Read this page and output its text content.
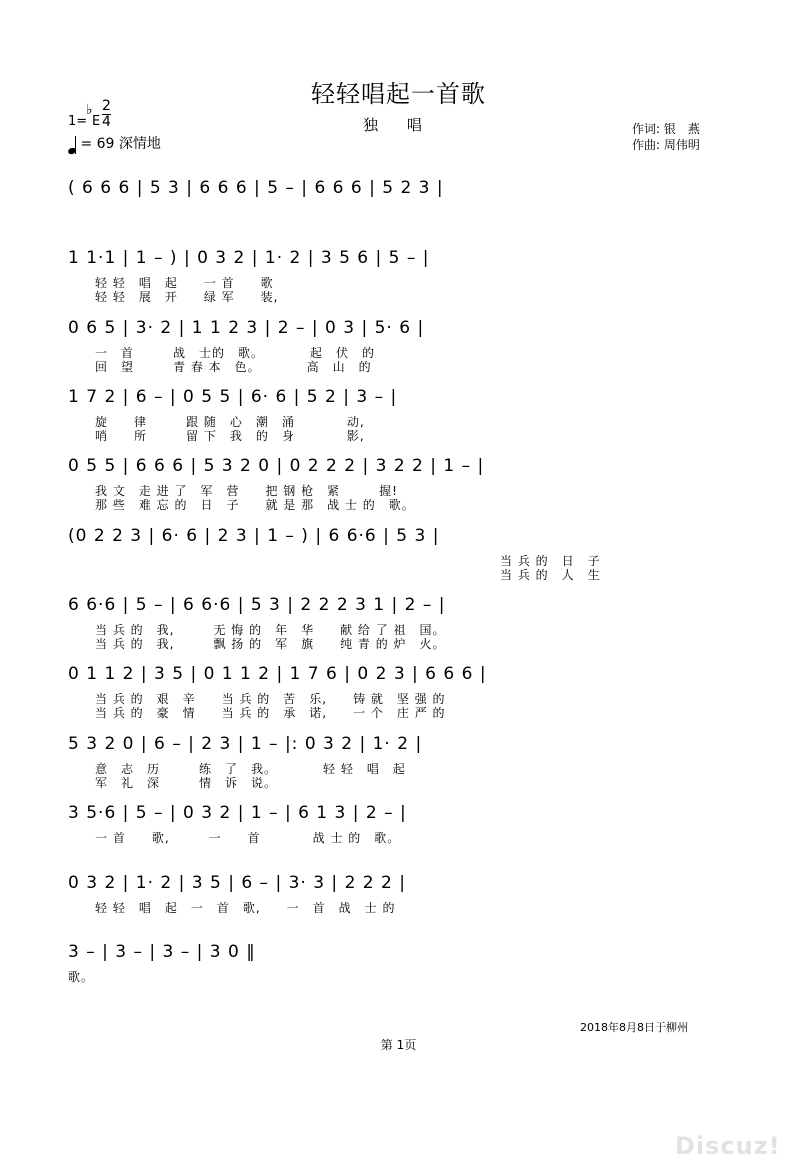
轻轻唱起一首歌
独 唱	作词: 银　燕
作曲: 周伟明
1=
♭
E
2
4
= 69 深情地
( 6 6 6 | 5 3 | 6 6 6 | 5 – | 6 6 6 | 5 2 3 |
1 1·1 | 1 – ) | 0 3 2 | 1· 2 | 3 5 6 | 5 – |
轻 轻　唱　起　　一 首　　歌
轻 轻　展　开　　绿 军　　装,
0 6 5 | 3· 2 | 1 1 2 3 | 2 – | 0 3 | 5· 6 |
一　首　　　战　士的　歌。　　　　起　伏　的
回　望　　　青 春 本　色。　　　　高　山　的
1 7 2 | 6 – | 0 5 5 | 6· 6 | 5 2 | 3 – |
旋　　律　　　跟 随　心　潮　涌　　　　动,
哨　　所　　　留 下　我　的　身　　　　影,
0 5 5 | 6 6 6 | 5 3 2 0 | 0 2 2 2 | 3 2 2 | 1 – |
我 文　走 进 了　军　营　　把 钢 枪　紧　　　握!
那 些　难 忘 的　日　子　　就 是 那　战 士 的　歌。
(0 2 2 3 | 6· 6 | 2 3 | 1 – ) | 6 6·6 | 5 3 |
当 兵 的　日　子
当 兵 的　人　生
6 6·6 | 5 – | 6 6·6 | 5 3 | 2 2 2 3 1 | 2 – |
当 兵 的　我,　　　无 悔 的　年　华　　献 给 了 祖　国。
当 兵 的　我,　　　飘 扬 的　军　旗　　纯 青 的 炉　火。
0 1 1 2 | 3 5 | 0 1 1 2 | 1 7 6 | 0 2 3 | 6 6 6 |
当 兵 的　艰　辛　　当 兵 的　苦　乐,　　铸 就　坚 强 的
当 兵 的　豪　情　　当 兵 的　承　诺,　　一 个　庄 严 的
5 3 2 0 | 6 – | 2 3 | 1 – |: 0 3 2 | 1· 2 |
意　志　历　　　练　了　我。　　　　轻 轻　唱　起
军　礼　深　　　情　诉　说。
3 5·6 | 5 – | 0 3 2 | 1 – | 6 1 3 | 2 – |
一 首　　歌,　　　一　　首　　　　战 士 的　歌。
0 3 2 | 1· 2 | 3 5 | 6 – | 3· 3 | 2 2 2 |
轻 轻　唱　起　一　首　歌,　　一　首　战　士 的
3 – | 3 – | 3 – | 3 0 ‖
歌。
2018年8月8日于柳州
第 1页
Discuz!
